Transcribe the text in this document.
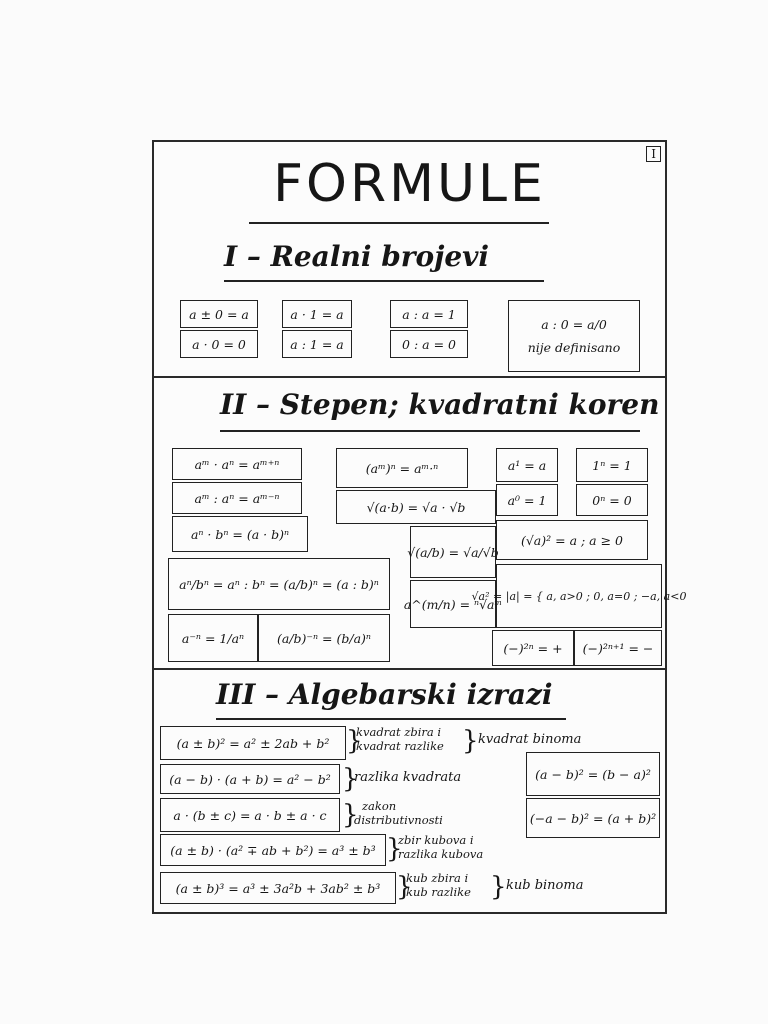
I
FORMULE
I – Realni brojevi
a ± 0 = a
a · 0 = 0
a · 1 = a
a : 1 = a
a : a = 1
0 : a = 0
a : 0 = a/0
nije definisano
II – Stepen; kvadratni koren
aᵐ · aⁿ = aᵐ⁺ⁿ
aᵐ : aⁿ = aᵐ⁻ⁿ
aⁿ · bⁿ = (a · b)ⁿ
aⁿ/bⁿ = aⁿ : bⁿ = (a/b)ⁿ = (a : b)ⁿ
a⁻ⁿ = 1/aⁿ	(a/b)⁻ⁿ = (b/a)ⁿ
(aᵐ)ⁿ = aᵐ·ⁿ
√(a·b) = √a · √b
√(a/b) = √a/√b
a^(m/n) = ⁿ√aᵐ
a¹ = a
a⁰ = 1
1ⁿ = 1
0ⁿ = 0
(√a)² = a ; a ≥ 0
√a² = |a| = { a, a>0 ; 0, a=0 ; −a, a<0
(−)²ⁿ = +	(−)²ⁿ⁺¹ = −
III – Algebarski izrazi
(a ± b)² = a² ± 2ab + b² }
kvadrat zbira i
kvadrat razlike } kvadrat binoma
(a − b) · (a + b) = a² − b² }
razlika kvadrata
a · (b ± c) = a · b ± a · c } zakon
distributivnosti
(a ± b) · (a² ∓ ab + b²) = a³ ± b³ }
zbir kubova i
razlika kubova
(a ± b)³ = a³ ± 3a²b + 3ab² ± b³ }
kub zbira i
kub razlike } kub binoma
(a − b)² = (b − a)²
(−a − b)² = (a + b)²
